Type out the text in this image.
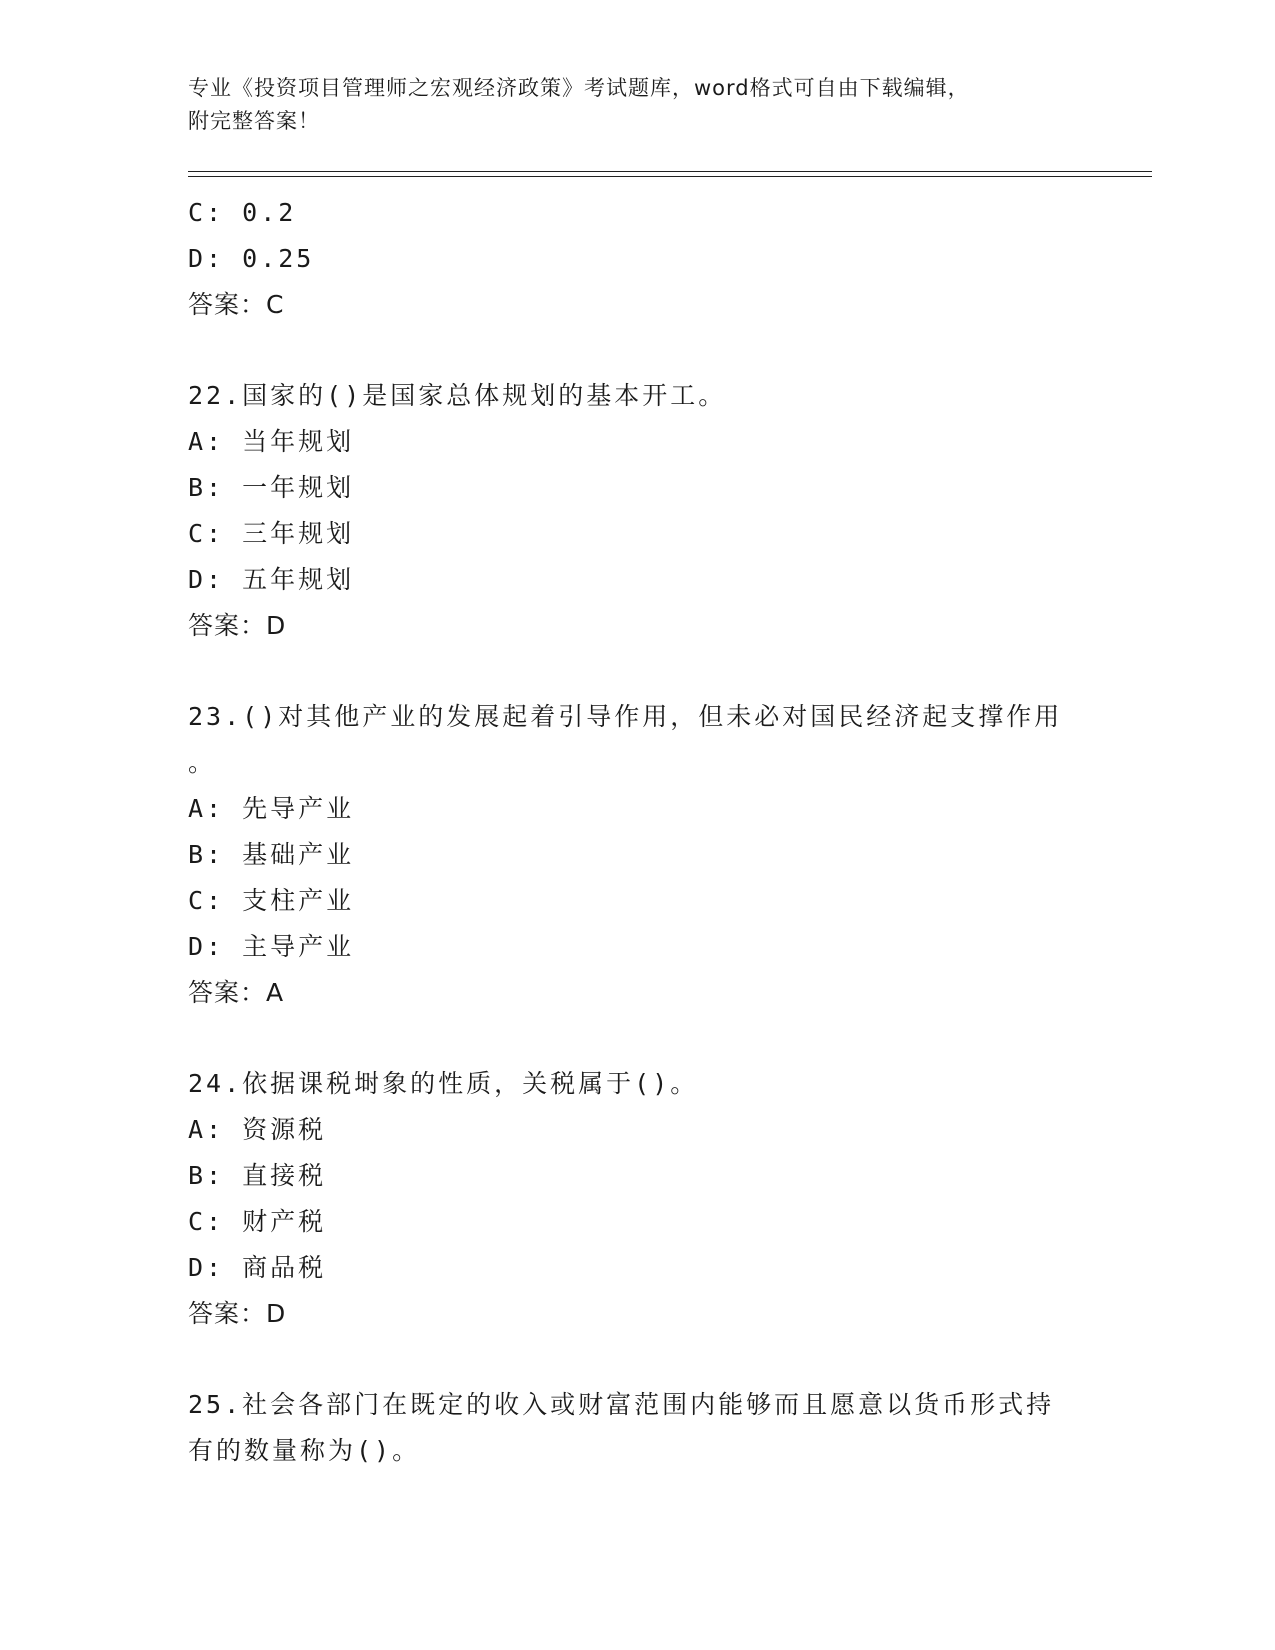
专业《投资项目管理师之宏观经济政策》考试题库，word格式可自由下载编辑，
附完整答案！
C: 0.2
D: 0.25
答案：C
22.国家的()是国家总体规划的基本开工。
A: 当年规划
B: 一年规划
C: 三年规划
D: 五年规划
答案：D
23.()对其他产业的发展起着引导作用，但未必对国民经济起支撑作用
。
A: 先导产业
B: 基础产业
C: 支柱产业
D: 主导产业
答案：A
24.依据课税埘象的性质，关税属于()。
A: 资源税
B: 直接税
C: 财产税
D: 商品税
答案：D
25.社会各部门在既定的收入或财富范围内能够而且愿意以货币形式持
有的数量称为()。
